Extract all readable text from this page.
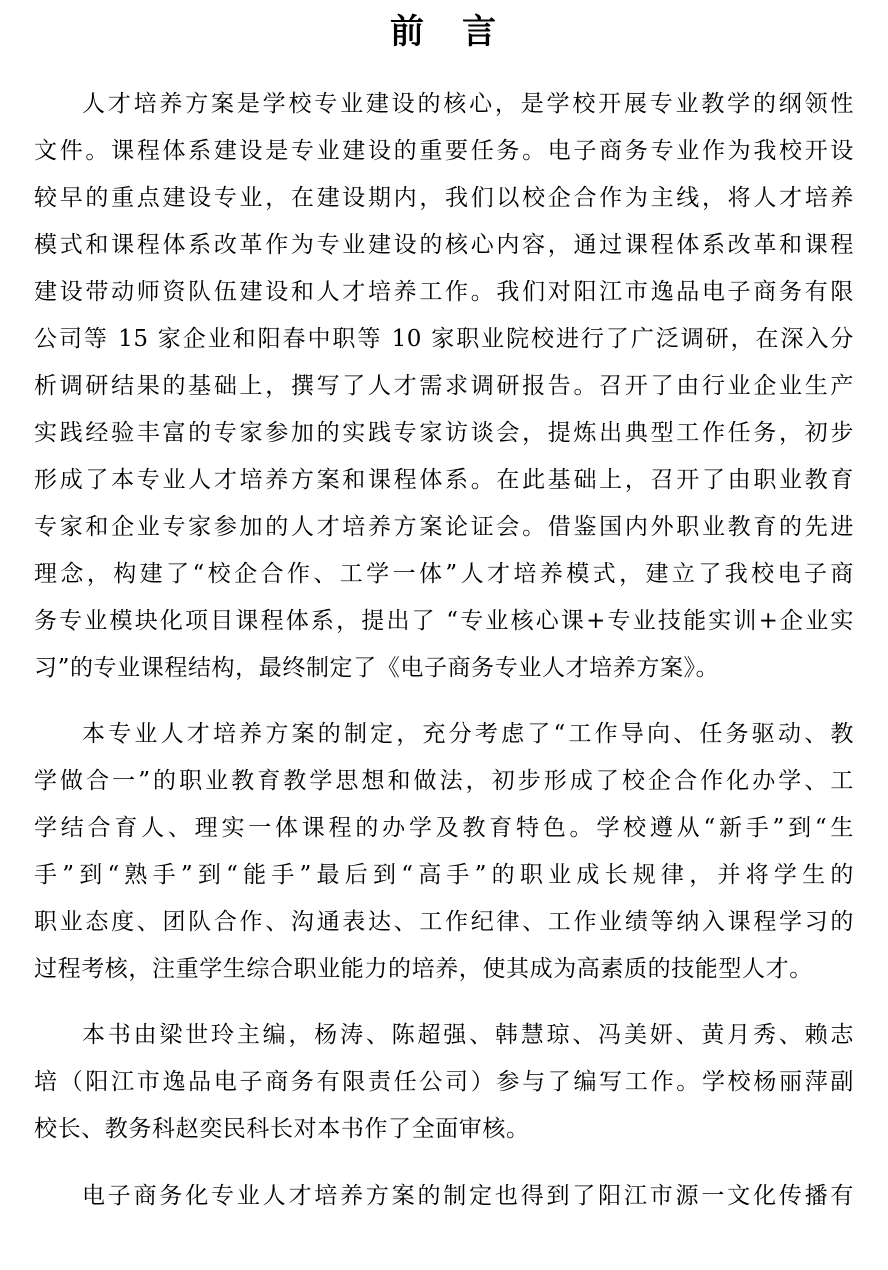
前　言
人才培养方案是学校专业建设的核心，是学校开展专业教学的纲领性
文件。课程体系建设是专业建设的重要任务。电子商务专业作为我校开设
较早的重点建设专业，在建设期内，我们以校企合作为主线，将人才培养
模式和课程体系改革作为专业建设的核心内容，通过课程体系改革和课程
建设带动师资队伍建设和人才培养工作。我们对阳江市逸品电子商务有限
公司等 15 家企业和阳春中职等 10 家职业院校进行了广泛调研，在深入分
析调研结果的基础上，撰写了人才需求调研报告。召开了由行业企业生产
实践经验丰富的专家参加的实践专家访谈会，提炼出典型工作任务，初步
形成了本专业人才培养方案和课程体系。在此基础上，召开了由职业教育
专家和企业专家参加的人才培养方案论证会。借鉴国内外职业教育的先进
理念，构建了“校企合作、工学一体”人才培养模式，建立了我校电子商
务专业模块化项目课程体系，提出了 “专业核心课+专业技能实训+企业实
习”的专业课程结构，最终制定了《电子商务专业人才培养方案》。
本专业人才培养方案的制定，充分考虑了“工作导向、任务驱动、教
学做合一”的职业教育教学思想和做法，初步形成了校企合作化办学、工
学结合育人、理实一体课程的办学及教育特色。学校遵从“新手”到“生
手”到“熟手”到“能手”最后到“高手”的职业成长规律，并将学生的
职业态度、团队合作、沟通表达、工作纪律、工作业绩等纳入课程学习的
过程考核，注重学生综合职业能力的培养，使其成为高素质的技能型人才。
本书由梁世玲主编，杨涛、陈超强、韩慧琼、冯美妍、黄月秀、赖志
培（阳江市逸品电子商务有限责任公司）参与了编写工作。学校杨丽萍副
校长、教务科赵奕民科长对本书作了全面审核。
电子商务化专业人才培养方案的制定也得到了阳江市源一文化传播有
